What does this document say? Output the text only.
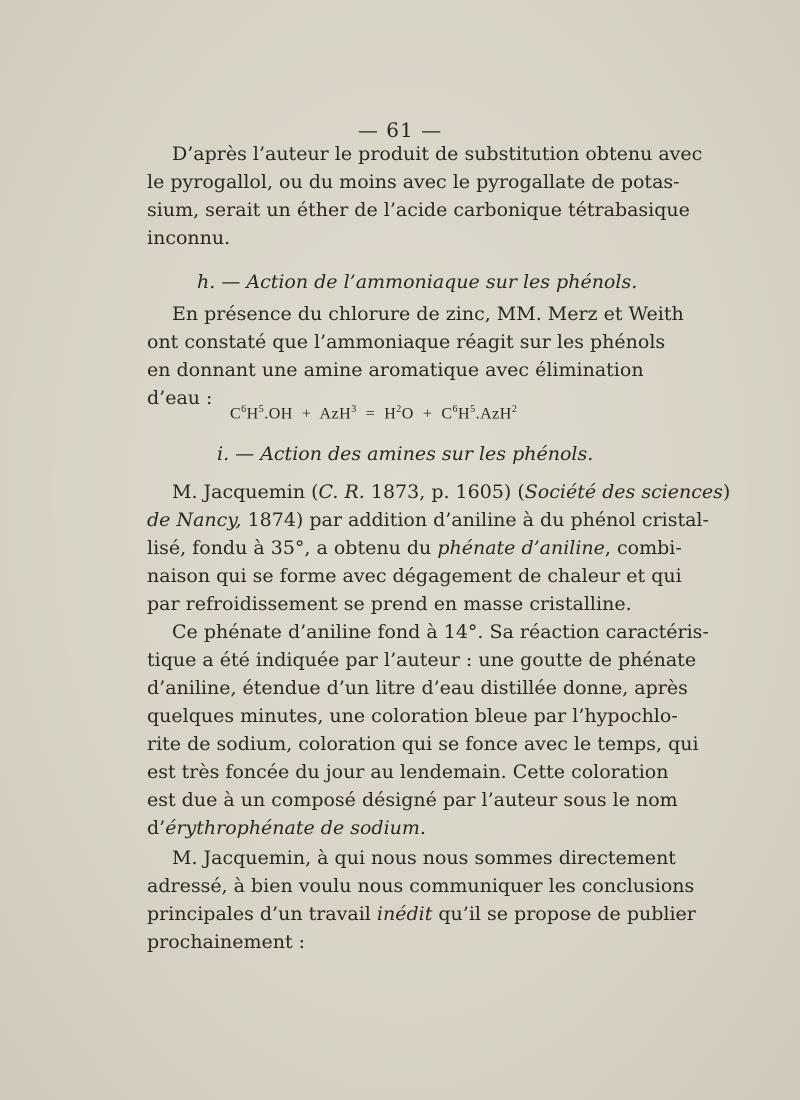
— 61 —
D’après l’auteur le produit de substitution obtenu avec
le pyrogallol, ou du moins avec le pyrogallate de potas-
sium, serait un éther de l’acide carbonique tétrabasique
inconnu.
h. — Action de l’ammoniaque sur les phénols.
En présence du chlorure de zinc, MM. Merz et Weith
ont constaté que l’ammoniaque réagit sur les phénols
en donnant une amine aromatique avec élimination
d’eau :
$C^6H^5.OH + AzH^3 = H^2O + C^6H^5.AzH^2$
i. — Action des amines sur les phénols.
M. Jacquemin (C. R. 1873, p. 1605) (Société des sciences)
de Nancy, 1874) par addition d’aniline à du phénol cristal-
lisé, fondu à 35°, a obtenu du phénate d’aniline, combi-
naison qui se forme avec dégagement de chaleur et qui
par refroidissement se prend en masse cristalline.
Ce phénate d’aniline fond à 14°. Sa réaction caractéris-
tique a été indiquée par l’auteur : une goutte de phénate
d’aniline, étendue d’un litre d’eau distillée donne, après
quelques minutes, une coloration bleue par l’hypochlo-
rite de sodium, coloration qui se fonce avec le temps, qui
est très foncée du jour au lendemain. Cette coloration
est due à un composé désigné par l’auteur sous le nom
d’érythrophénate de sodium.
M. Jacquemin, à qui nous nous sommes directement
adressé, à bien voulu nous communiquer les conclusions
principales d’un travail inédit qu’il se propose de publier
prochainement :
